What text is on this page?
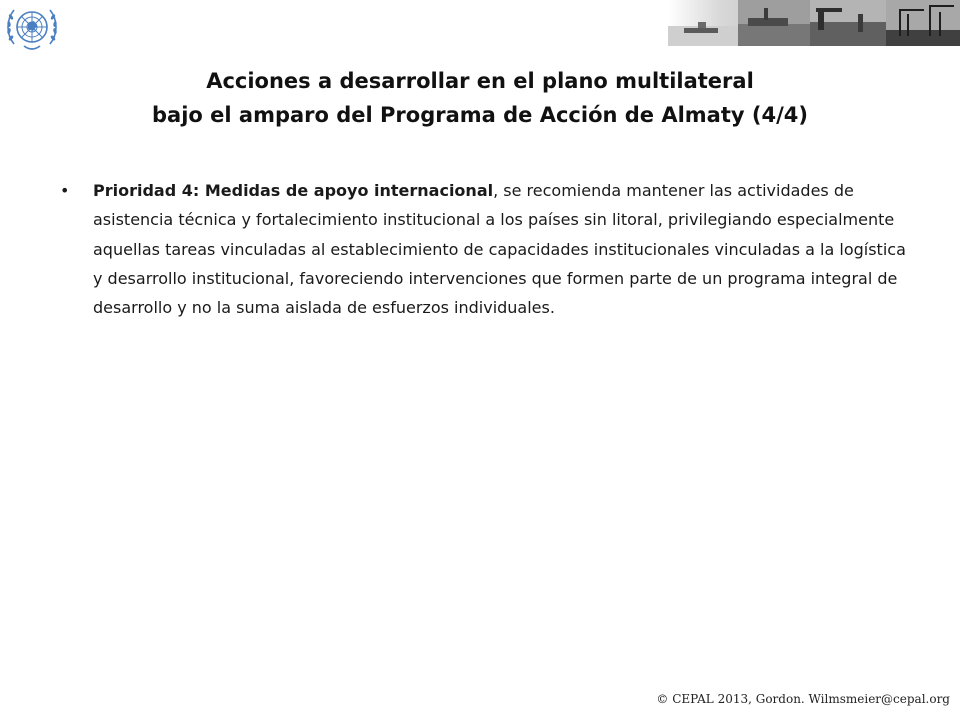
Acciones a desarrollar en el plano multilateral
bajo el amparo del Programa de Acción de Almaty (4/4)
• Prioridad 4: Medidas de apoyo internacional, se recomienda mantener las actividades de asistencia técnica y fortalecimiento institucional a los países sin litoral, privilegiando especialmente aquellas tareas vinculadas al establecimiento de capacidades institucionales vinculadas a la logística y desarrollo institucional, favoreciendo intervenciones que formen parte de un programa integral de desarrollo y no la suma aislada de esfuerzos individuales.
© CEPAL 2013, Gordon. Wilmsmeier@cepal.org
